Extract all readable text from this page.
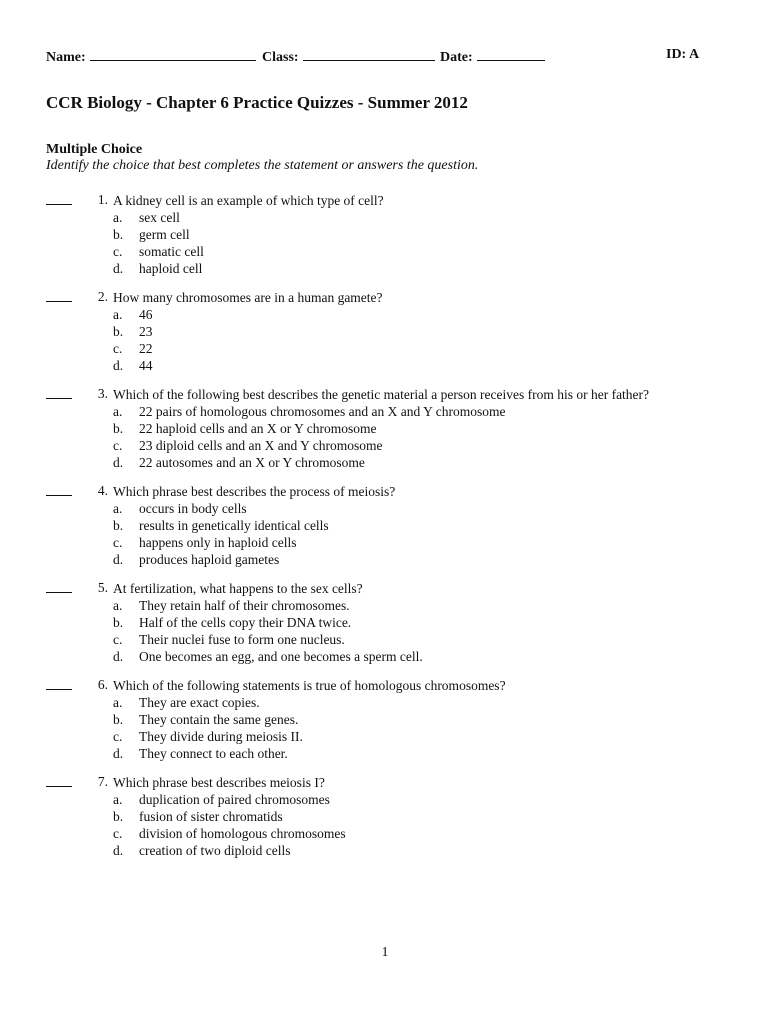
Name:	Class:	Date:	ID: A
CCR Biology - Chapter 6 Practice Quizzes - Summer 2012
Multiple Choice
Identify the choice that best completes the statement or answers the question.
1. A kidney cell is an example of which type of cell?
a. sex cell
b. germ cell
c. somatic cell
d. haploid cell
2. How many chromosomes are in a human gamete?
a. 46
b. 23
c. 22
d. 44
3. Which of the following best describes the genetic material a person receives from his or her father?
a. 22 pairs of homologous chromosomes and an X and Y chromosome
b. 22 haploid cells and an X or Y chromosome
c. 23 diploid cells and an X and Y chromosome
d. 22 autosomes and an X or Y chromosome
4. Which phrase best describes the process of meiosis?
a. occurs in body cells
b. results in genetically identical cells
c. happens only in haploid cells
d. produces haploid gametes
5. At fertilization, what happens to the sex cells?
a. They retain half of their chromosomes.
b. Half of the cells copy their DNA twice.
c. Their nuclei fuse to form one nucleus.
d. One becomes an egg, and one becomes a sperm cell.
6. Which of the following statements is true of homologous chromosomes?
a. They are exact copies.
b. They contain the same genes.
c. They divide during meiosis II.
d. They connect to each other.
7. Which phrase best describes meiosis I?
a. duplication of paired chromosomes
b. fusion of sister chromatids
c. division of homologous chromosomes
d. creation of two diploid cells
1
